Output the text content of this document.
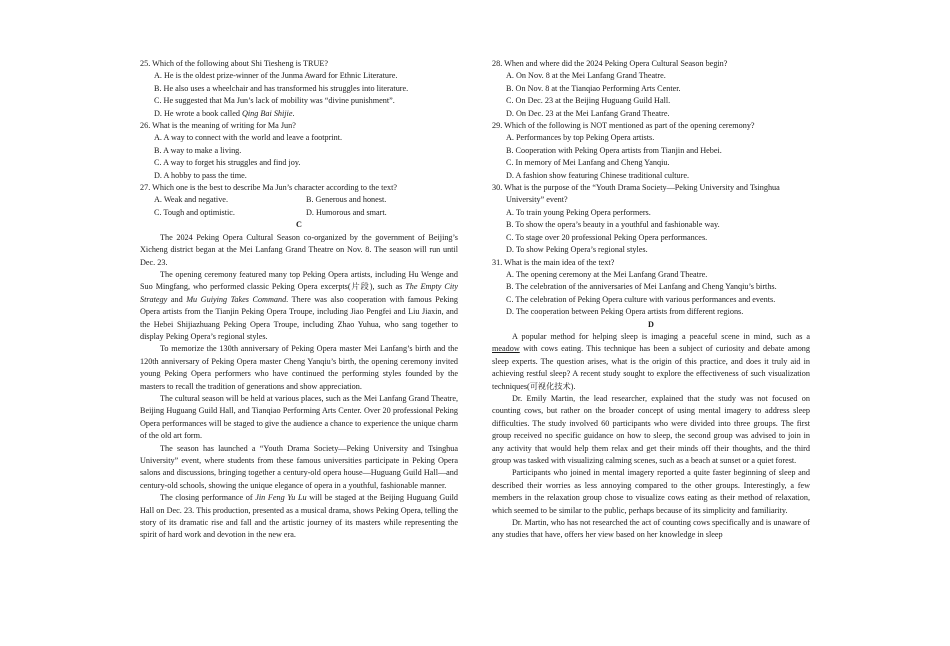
25. Which of the following about Shi Tiesheng is TRUE?

A. He is the oldest prize-winner of the Junma Award for Ethnic Literature.

B. He also uses a wheelchair and has transformed his struggles into literature.

C. He suggested that Ma Jun’s lack of mobility was “divine punishment”.

D. He wrote a book called Qing Bai Shijie.

26. What is the meaning of writing for Ma Jun?

A. A way to connect with the world and leave a footprint.

B. A way to make a living.

C. A way to forget his struggles and find joy.

D. A hobby to pass the time.

27. Which one is the best to describe Ma Jun’s character according to the text?

A. Weak and negative.	B. Generous and honest.
C. Tough and optimistic.	D. Humorous and smart.

C

The 2024 Peking Opera Cultural Season co-organized by the government of Beijing’s Xicheng district began at the Mei Lanfang Grand Theatre on Nov. 8. The season will run until Dec. 23.

The opening ceremony featured many top Peking Opera artists, including Hu Wenge and Suo Mingfang, who performed classic Peking Opera excerpts(片段), such as The Empty City Strategy and Mu Guiying Takes Command. There was also cooperation with famous Peking Opera artists from the Tianjin Peking Opera Troupe, including Jiao Pengfei and Liu Jiaxin, and the Hebei Shijiazhuang Peking Opera Troupe, including Zhao Yuhua, who sang together to display Peking Opera’s regional styles.

To memorize the 130th anniversary of Peking Opera master Mei Lanfang’s birth and the 120th anniversary of Peking Opera master Cheng Yanqiu’s birth, the opening ceremony invited young Peking Opera performers who have continued the performing styles founded by the masters to recall the tradition of generations and show appreciation.

The cultural season will be held at various places, such as the Mei Lanfang Grand Theatre, Beijing Huguang Guild Hall, and Tianqiao Performing Arts Center. Over 20 professional Peking Opera performances will be staged to give the audience a chance to experience the unique charm of the old art form.

The season has launched a “Youth Drama Society—Peking University and Tsinghua University” event, where students from these famous universities participate in Peking Opera salons and discussions, bringing together a century-old opera house—Huguang Guild Hall—and century-old schools, showing the unique elegance of opera in a youthful, fashionable manner.

The closing performance of Jin Feng Yu Lu will be staged at the Beijing Huguang Guild Hall on Dec. 23. This production, presented as a musical drama, shows Peking Opera, telling the story of its dramatic rise and fall and the artistic journey of its masters while representing the spirit of hard work and devotion in the new era.

28. When and where did the 2024 Peking Opera Cultural Season begin?

A. On Nov. 8 at the Mei Lanfang Grand Theatre.

B. On Nov. 8 at the Tianqiao Performing Arts Center.

C. On Dec. 23 at the Beijing Huguang Guild Hall.

D. On Dec. 23 at the Mei Lanfang Grand Theatre.

29. Which of the following is NOT mentioned as part of the opening ceremony?

A. Performances by top Peking Opera artists.

B. Cooperation with Peking Opera artists from Tianjin and Hebei.

C. In memory of Mei Lanfang and Cheng Yanqiu.

D. A fashion show featuring Chinese traditional culture.

30. What is the purpose of the “Youth Drama Society—Peking University and Tsinghua University” event?

A. To train young Peking Opera performers.

B. To show the opera’s beauty in a youthful and fashionable way.

C. To stage over 20 professional Peking Opera performances.

D. To show Peking Opera’s regional styles.

31. What is the main idea of the text?

A. The opening ceremony at the Mei Lanfang Grand Theatre.

B. The celebration of the anniversaries of Mei Lanfang and Cheng Yanqiu’s births.

C. The celebration of Peking Opera culture with various performances and events.

D. The cooperation between Peking Opera artists from different regions.

D

A popular method for helping sleep is imaging a peaceful scene in mind, such as a meadow with cows eating. This technique has been a subject of curiosity and debate among sleep experts. The question arises, what is the origin of this practice, and does it truly aid in achieving restful sleep? A recent study sought to explore the effectiveness of such visualization techniques(可视化技术).

Dr. Emily Martin, the lead researcher, explained that the study was not focused on counting cows, but rather on the broader concept of using mental imagery to address sleep difficulties. The study involved 60 participants who were divided into three groups. The first group received no specific guidance on how to sleep, the second group was advised to join in any activity that would help them relax and get their minds off their thoughts, and the third group was tasked with visualizing calming scenes, such as a beach at sunset or a quiet forest.

Participants who joined in mental imagery reported a quite faster beginning of sleep and described their worries as less annoying compared to the other groups. Interestingly, a few members in the relaxation group chose to visualize cows eating as their method of relaxation, which seemed to be similar to the public, perhaps because of its simplicity and familiarity.

Dr. Martin, who has not researched the act of counting cows specifically and is unaware of any studies that have, offers her view based on her knowledge in sleep
